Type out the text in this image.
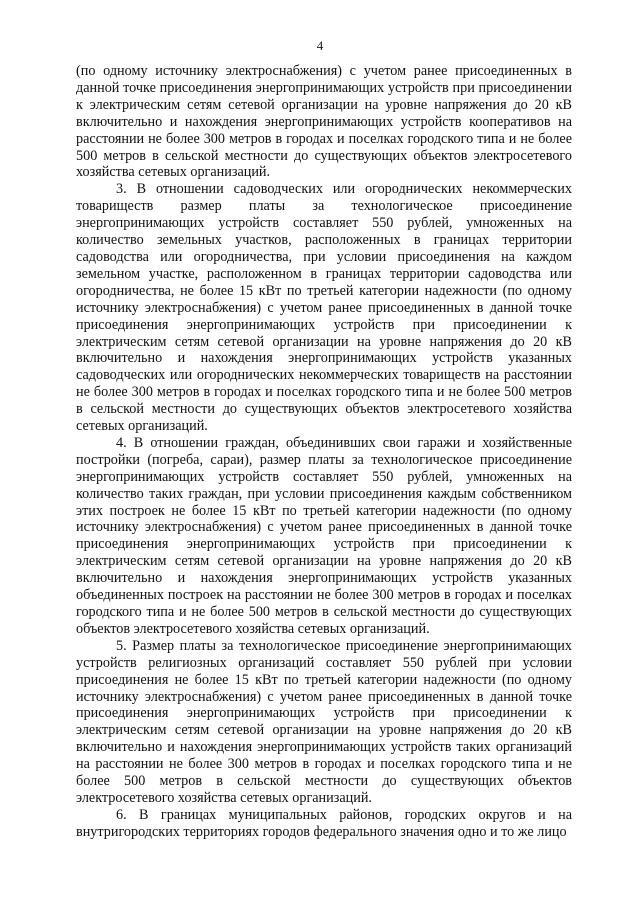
4

(по одному источнику электроснабжения) с учетом ранее присоединенных в данной точке присоединения энергопринимающих устройств при присоединении к электрическим сетям сетевой организации на уровне напряжения до 20 кВ включительно и нахождения энергопринимающих устройств кооперативов на расстоянии не более 300 метров в городах и поселках городского типа и не более 500 метров в сельской местности до существующих объектов электросетевого хозяйства сетевых организаций.

3. В отношении садоводческих или огороднических некоммерческих товариществ размер платы за технологическое присоединение энергопринимающих устройств составляет 550 рублей, умноженных на количество земельных участков, расположенных в границах территории садоводства или огородничества, при условии присоединения на каждом земельном участке, расположенном в границах территории садоводства или огородничества, не более 15 кВт по третьей категории надежности (по одному источнику электроснабжения) с учетом ранее присоединенных в данной точке присоединения энергопринимающих устройств при присоединении к электрическим сетям сетевой организации на уровне напряжения до 20 кВ включительно и нахождения энергопринимающих устройств указанных садоводческих или огороднических некоммерческих товариществ на расстоянии не более 300 метров в городах и поселках городского типа и не более 500 метров в сельской местности до существующих объектов электросетевого хозяйства сетевых организаций.

4. В отношении граждан, объединивших свои гаражи и хозяйственные постройки (погреба, сараи), размер платы за технологическое присоединение энергопринимающих устройств составляет 550 рублей, умноженных на количество таких граждан, при условии присоединения каждым собственником этих построек не более 15 кВт по третьей категории надежности (по одному источнику электроснабжения) с учетом ранее присоединенных в данной точке присоединения энергопринимающих устройств при присоединении к электрическим сетям сетевой организации на уровне напряжения до 20 кВ включительно и нахождения энергопринимающих устройств указанных объединенных построек на расстоянии не более 300 метров в городах и поселках городского типа и не более 500 метров в сельской местности до существующих объектов электросетевого хозяйства сетевых организаций.

5. Размер платы за технологическое присоединение энергопринимающих устройств религиозных организаций составляет 550 рублей при условии присоединения не более 15 кВт по третьей категории надежности (по одному источнику электроснабжения) с учетом ранее присоединенных в данной точке присоединения энергопринимающих устройств при присоединении к электрическим сетям сетевой организации на уровне напряжения до 20 кВ включительно и нахождения энергопринимающих устройств таких организаций на расстоянии не более 300 метров в городах и поселках городского типа и не более 500 метров в сельской местности до существующих объектов электросетевого хозяйства сетевых организаций.

6. В границах муниципальных районов, городских округов и на внутригородских территориях городов федерального значения одно и то же лицо
